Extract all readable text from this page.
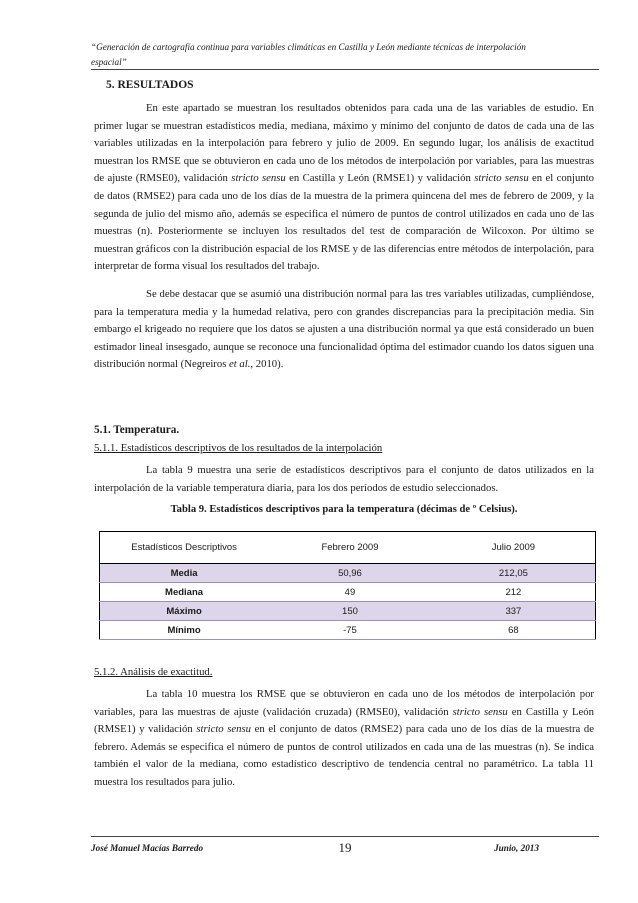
“Generación de cartografía continua para variables climáticas en Castilla y León mediante técnicas de interpolación espacial”
5. RESULTADOS
En este apartado se muestran los resultados obtenidos para cada una de las variables de estudio. En primer lugar se muestran estadísticos media, mediana, máximo y mínimo del conjunto de datos de cada una de las variables utilizadas en la interpolación para febrero y julio de 2009. En segundo lugar, los análisis de exactitud muestran los RMSE que se obtuvieron en cada uno de los métodos de interpolación por variables, para las muestras de ajuste (RMSE0), validación stricto sensu en Castilla y León (RMSE1) y validación stricto sensu en el conjunto de datos (RMSE2) para cada uno de los días de la muestra de la primera quincena del mes de febrero de 2009, y la segunda de julio del mismo año, además se especifica el número de puntos de control utilizados en cada uno de las muestras (n). Posteriormente se incluyen los resultados del test de comparación de Wilcoxon. Por último se muestran gráficos con la distribución espacial de los RMSE y de las diferencias entre métodos de interpolación, para interpretar de forma visual los resultados del trabajo.
Se debe destacar que se asumió una distribución normal para las tres variables utilizadas, cumpliéndose, para la temperatura media y la humedad relativa, pero con grandes discrepancias para la precipitación media. Sin embargo el krigeado no requiere que los datos se ajusten a una distribución normal ya que está considerado un buen estimador lineal insesgado, aunque se reconoce una funcionalidad óptima del estimador cuando los datos siguen una distribución normal (Negreiros et al., 2010).
5.1. Temperatura.
5.1.1. Estadísticos descriptivos de los resultados de la interpolación
La tabla 9 muestra una serie de estadísticos descriptivos para el conjunto de datos utilizados en la interpolación de la variable temperatura diaria, para los dos períodos de estudio seleccionados.
Tabla 9. Estadísticos descriptivos para la temperatura (décimas de º Celsius).
Estadísticos Descriptivos	Febrero 2009	Julio 2009
Media	50,96	212,05
Mediana	49	212
Máximo	150	337
Mínimo	-75	68
5.1.2. Análisis de exactitud.
La tabla 10 muestra los RMSE que se obtuvieron en cada uno de los métodos de interpolación por variables, para las muestras de ajuste (validación cruzada) (RMSE0), validación stricto sensu en Castilla y León (RMSE1) y validación stricto sensu en el conjunto de datos (RMSE2) para cada uno de los días de la muestra de febrero. Además se especifica el número de puntos de control utilizados en cada una de las muestras (n). Se indica también el valor de la mediana, como estadístico descriptivo de tendencia central no paramétrico. La tabla 11 muestra los resultados para julio.
José Manuel Macías Barredo	19	Junio, 2013
